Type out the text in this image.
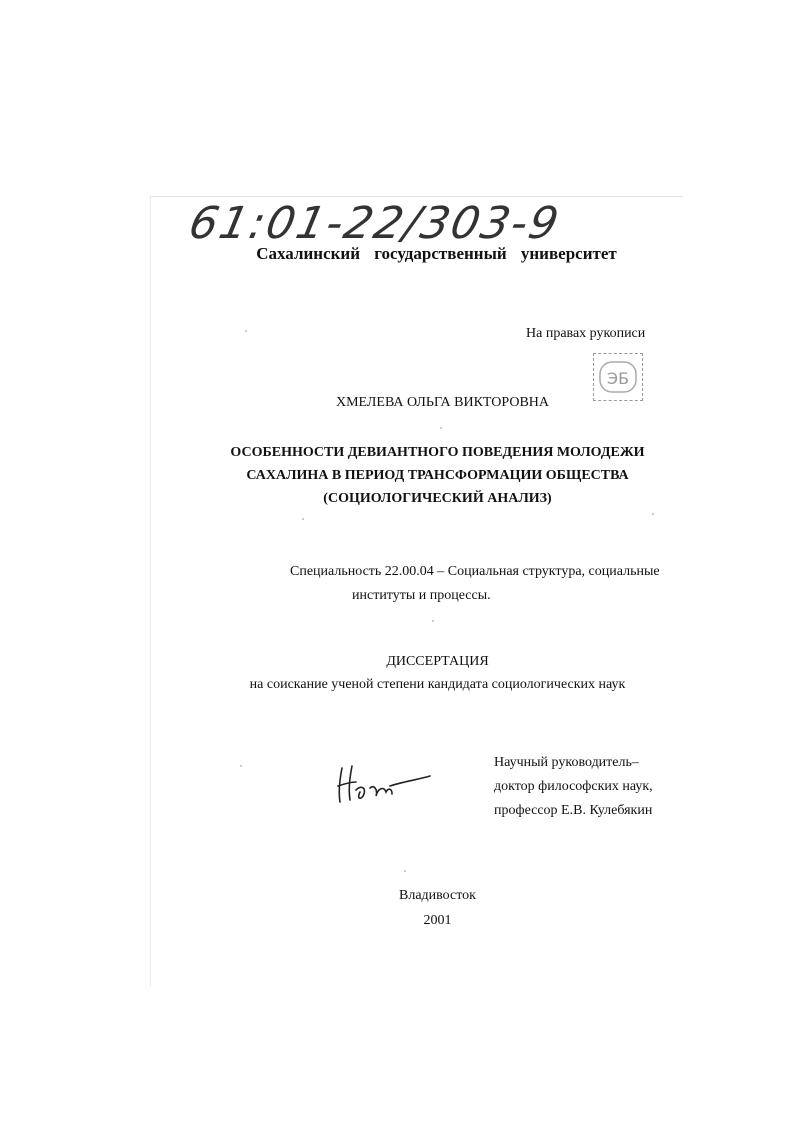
61:01-22/303-9
Сахалинский государственный университет
На правах рукописи
ЭБ
ХМЕЛЕВА ОЛЬГА ВИКТОРОВНА
ОСОБЕННОСТИ ДЕВИАНТНОГО ПОВЕДЕНИЯ МОЛОДЕЖИ
САХАЛИНА В ПЕРИОД ТРАНСФОРМАЦИИ ОБЩЕСТВА
(СОЦИОЛОГИЧЕСКИЙ АНАЛИЗ)
Специальность 22.00.04 – Социальная структура, социальные
институты и процессы.
ДИССЕРТАЦИЯ
на соискание ученой степени кандидата социологических наук
Научный руководитель–
доктор философских наук,
профессор Е.В. Кулебякин
Владивосток
2001
